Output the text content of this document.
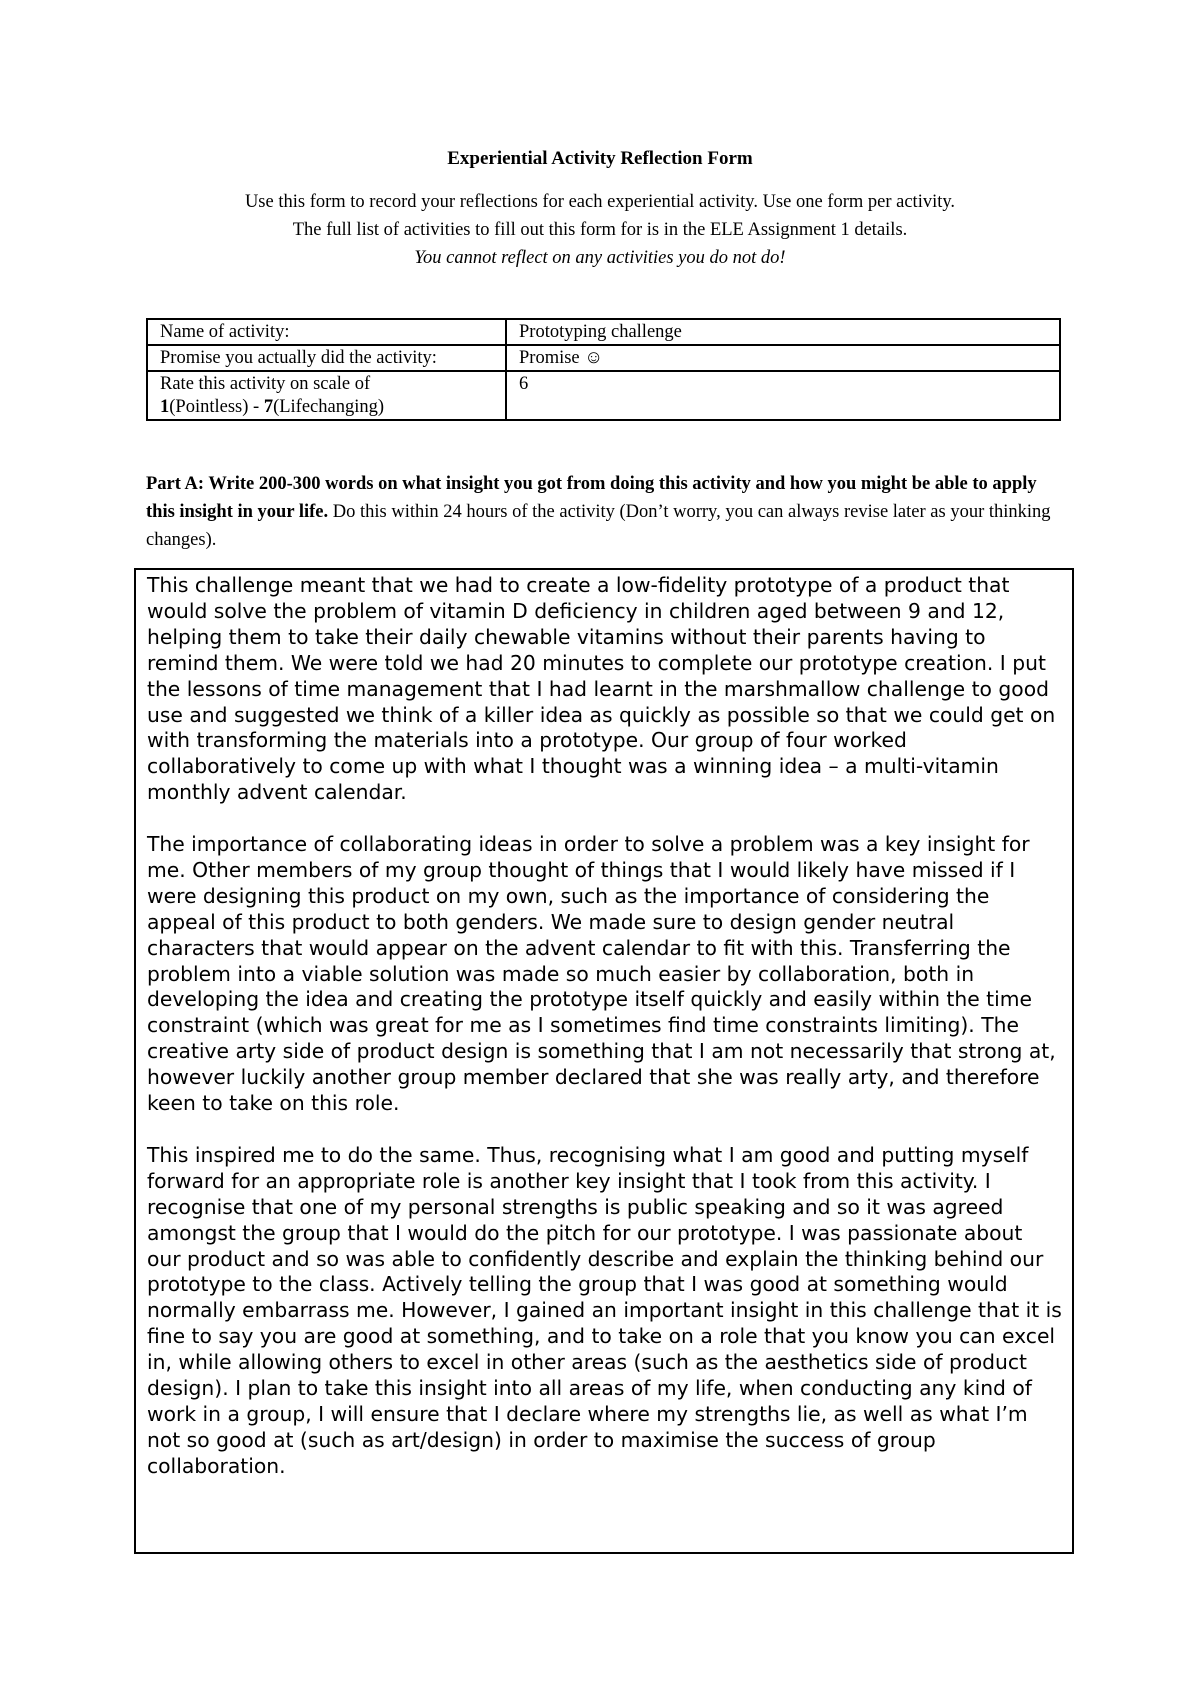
Experiential Activity Reflection Form
Use this form to record your reflections for each experiential activity. Use one form per activity.
The full list of activities to fill out this form for is in the ELE Assignment 1 details.
You cannot reflect on any activities you do not do!
Name of activity:	Prototyping challenge
Promise you actually did the activity:	Promise ☺
Rate this activity on scale of
1(Pointless) - 7(Lifechanging)	6
Part A: Write 200-300 words on what insight you got from doing this activity and how you might be able to apply this insight in your life. Do this within 24 hours of the activity (Don’t worry, you can always revise later as your thinking changes).

This challenge meant that we had to create a low-fidelity prototype of a product that would solve the problem of vitamin D deficiency in children aged between 9 and 12, helping them to take their daily chewable vitamins without their parents having to remind them. We were told we had 20 minutes to complete our prototype creation. I put the lessons of time management that I had learnt in the marshmallow challenge to good use and suggested we think of a killer idea as quickly as possible so that we could get on with transforming the materials into a prototype. Our group of four worked collaboratively to come up with what I thought was a winning idea – a multi-vitamin monthly advent calendar.

The importance of collaborating ideas in order to solve a problem was a key insight for me. Other members of my group thought of things that I would likely have missed if I were designing this product on my own, such as the importance of considering the appeal of this product to both genders. We made sure to design gender neutral characters that would appear on the advent calendar to fit with this. Transferring the problem into a viable solution was made so much easier by collaboration, both in developing the idea and creating the prototype itself quickly and easily within the time constraint (which was great for me as I sometimes find time constraints limiting). The creative arty side of product design is something that I am not necessarily that strong at, however luckily another group member declared that she was really arty, and therefore keen to take on this role.

This inspired me to do the same. Thus, recognising what I am good and putting myself forward for an appropriate role is another key insight that I took from this activity. I recognise that one of my personal strengths is public speaking and so it was agreed amongst the group that I would do the pitch for our prototype. I was passionate about our product and so was able to confidently describe and explain the thinking behind our prototype to the class. Actively telling the group that I was good at something would normally embarrass me. However, I gained an important insight in this challenge that it is fine to say you are good at something, and to take on a role that you know you can excel in, while allowing others to excel in other areas (such as the aesthetics side of product design). I plan to take this insight into all areas of my life, when conducting any kind of work in a group, I will ensure that I declare where my strengths lie, as well as what I’m not so good at (such as art/design) in order to maximise the success of group collaboration.
